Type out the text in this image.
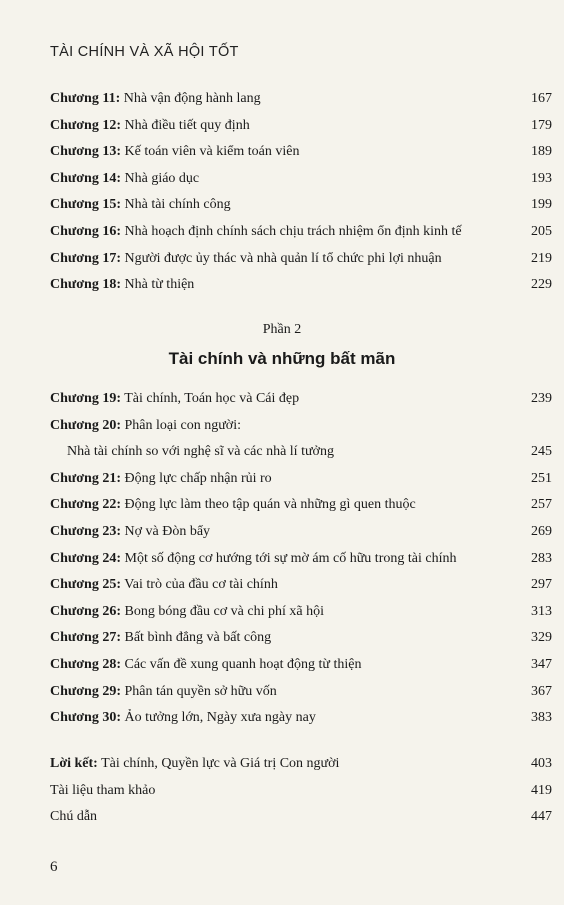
TÀI CHÍNH VÀ XÃ HỘI TỐT
Chương 11: Nhà vận động hành lang	167
Chương 12: Nhà điều tiết quy định	179
Chương 13: Kế toán viên và kiểm toán viên	189
Chương 14: Nhà giáo dục	193
Chương 15: Nhà tài chính công	199
Chương 16: Nhà hoạch định chính sách chịu trách nhiệm ổn định kinh tế	205
Chương 17: Người được ủy thác và nhà quản lí tổ chức phi lợi nhuận	219
Chương 18: Nhà từ thiện	229
Phần 2
Tài chính và những bất mãn
Chương 19: Tài chính, Toán học và Cái đẹp	239
Chương 20: Phân loại con người:
Nhà tài chính so với nghệ sĩ và các nhà lí tưởng	245
Chương 21: Động lực chấp nhận rủi ro	251
Chương 22: Động lực làm theo tập quán và những gì quen thuộc	257
Chương 23: Nợ và Đòn bẩy	269
Chương 24: Một số động cơ hướng tới sự mờ ám cố hữu trong tài chính	283
Chương 25: Vai trò của đầu cơ tài chính	297
Chương 26: Bong bóng đầu cơ và chi phí xã hội	313
Chương 27: Bất bình đẳng và bất công	329
Chương 28: Các vấn đề xung quanh hoạt động từ thiện	347
Chương 29: Phân tán quyền sở hữu vốn	367
Chương 30: Ảo tưởng lớn, Ngày xưa ngày nay	383
Lời kết: Tài chính, Quyền lực và Giá trị Con người	403
Tài liệu tham khảo	419
Chú dẫn	447
6
